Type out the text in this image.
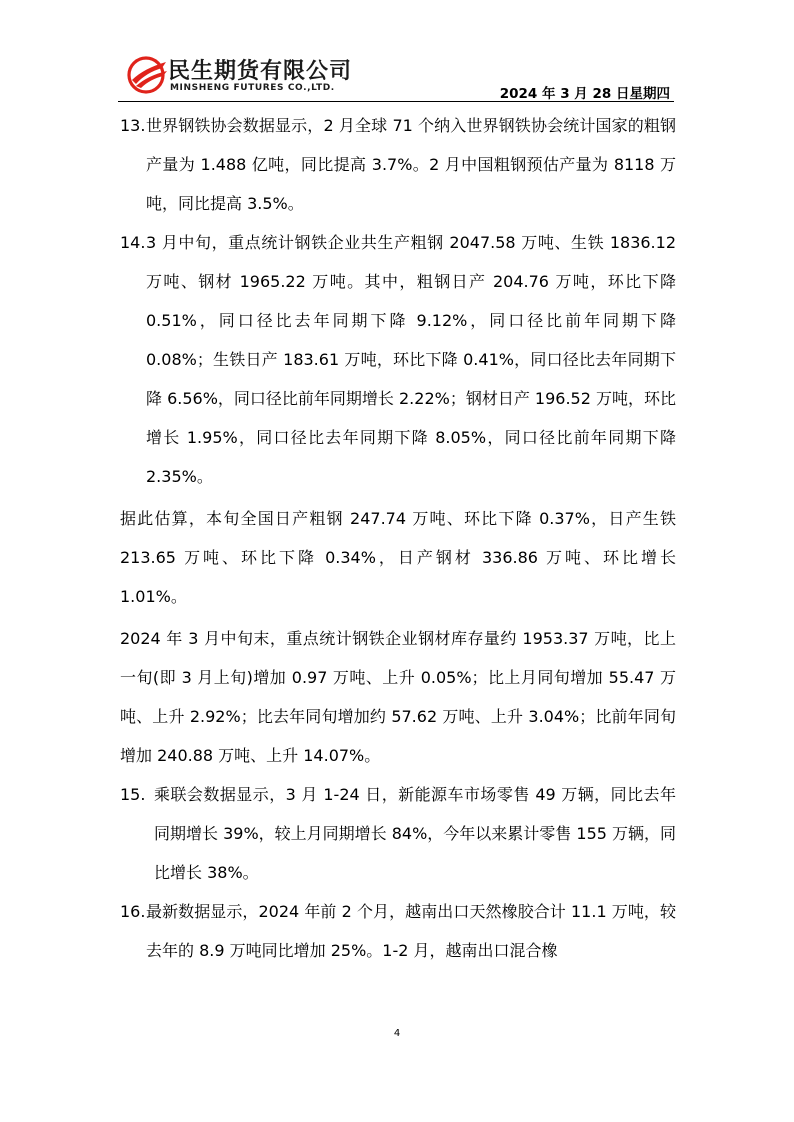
民生期货有限公司
MINSHENG FUTURES CO.,LTD.	2024 年 3 月 28 日星期四
13. 世界钢铁协会数据显示，2 月全球 71 个纳入世界钢铁协会统计国家的粗钢产量为 1.488 亿吨，同比提高 3.7%。2 月中国粗钢预估产量为 8118 万吨，同比提高 3.5%。
14. 3 月中旬，重点统计钢铁企业共生产粗钢 2047.58 万吨、生铁 1836.12 万吨、钢材 1965.22 万吨。其中，粗钢日产 204.76 万吨，环比下降 0.51%，同口径比去年同期下降 9.12%，同口径比前年同期下降 0.08%；生铁日产 183.61 万吨，环比下降 0.41%，同口径比去年同期下降 6.56%，同口径比前年同期增长 2.22%；钢材日产 196.52 万吨，环比增长 1.95%，同口径比去年同期下降 8.05%，同口径比前年同期下降 2.35%。

据此估算，本旬全国日产粗钢 247.74 万吨、环比下降 0.37%，日产生铁 213.65 万吨、环比下降 0.34%，日产钢材 336.86 万吨、环比增长 1.01%。

2024 年 3 月中旬末，重点统计钢铁企业钢材库存量约 1953.37 万吨，比上一旬(即 3 月上旬)增加 0.97 万吨、上升 0.05%；比上月同旬增加 55.47 万吨、上升 2.92%；比去年同旬增加约 57.62 万吨、上升 3.04%；比前年同旬增加 240.88 万吨、上升 14.07%。

15. 乘联会数据显示，3 月 1-24 日，新能源车市场零售 49 万辆，同比去年同期增长 39%，较上月同期增长 84%，今年以来累计零售 155 万辆，同比增长 38%。
16. 最新数据显示，2024 年前 2 个月，越南出口天然橡胶合计 11.1 万吨，较去年的 8.9 万吨同比增加 25%。1-2 月，越南出口混合橡
4
